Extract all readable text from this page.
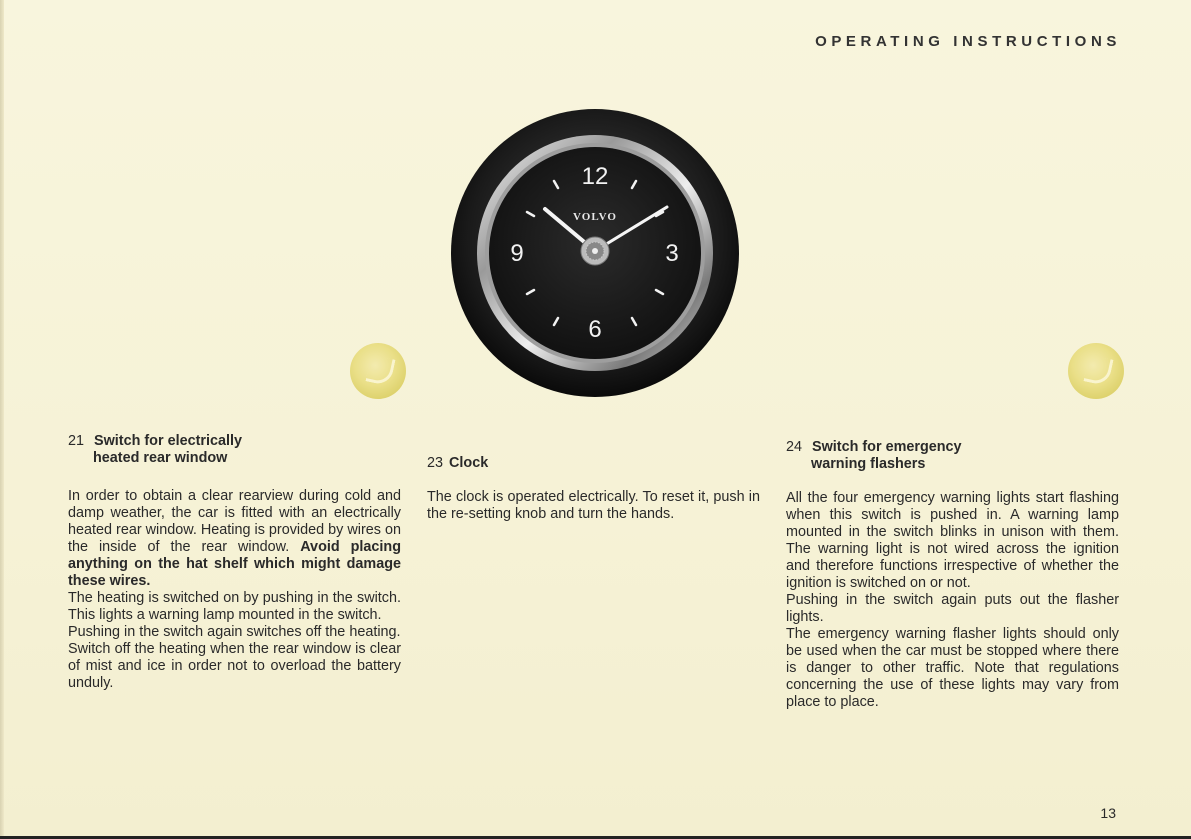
OPERATING INSTRUCTIONS
12
3
6
9
VOLVO
21 Switch for electrically
heated rear window

In order to obtain a clear rearview during cold and damp weather, the car is fitted with an electrically heated rear window. Heating is provided by wires on the inside of the rear window. Avoid placing anything on the hat shelf which might damage these wires.

The heating is switched on by pushing in the switch. This lights a warning lamp mounted in the switch.

Pushing in the switch again switches off the heating.

Switch off the heating when the rear window is clear of mist and ice in order not to overload the battery unduly.

23 Clock

The clock is operated electrically. To reset it, push in the re-setting knob and turn the hands.

24 Switch for emergency
warning flashers

All the four emergency warning lights start flashing when this switch is pushed in. A warning lamp mounted in the switch blinks in unison with them. The warning light is not wired across the ignition and therefore functions irrespective of whether the ignition is switched on or not.

Pushing in the switch again puts out the flasher lights.

The emergency warning flasher lights should only be used when the car must be stopped where there is danger to other traffic. Note that regulations concerning the use of these lights may vary from place to place.

13
